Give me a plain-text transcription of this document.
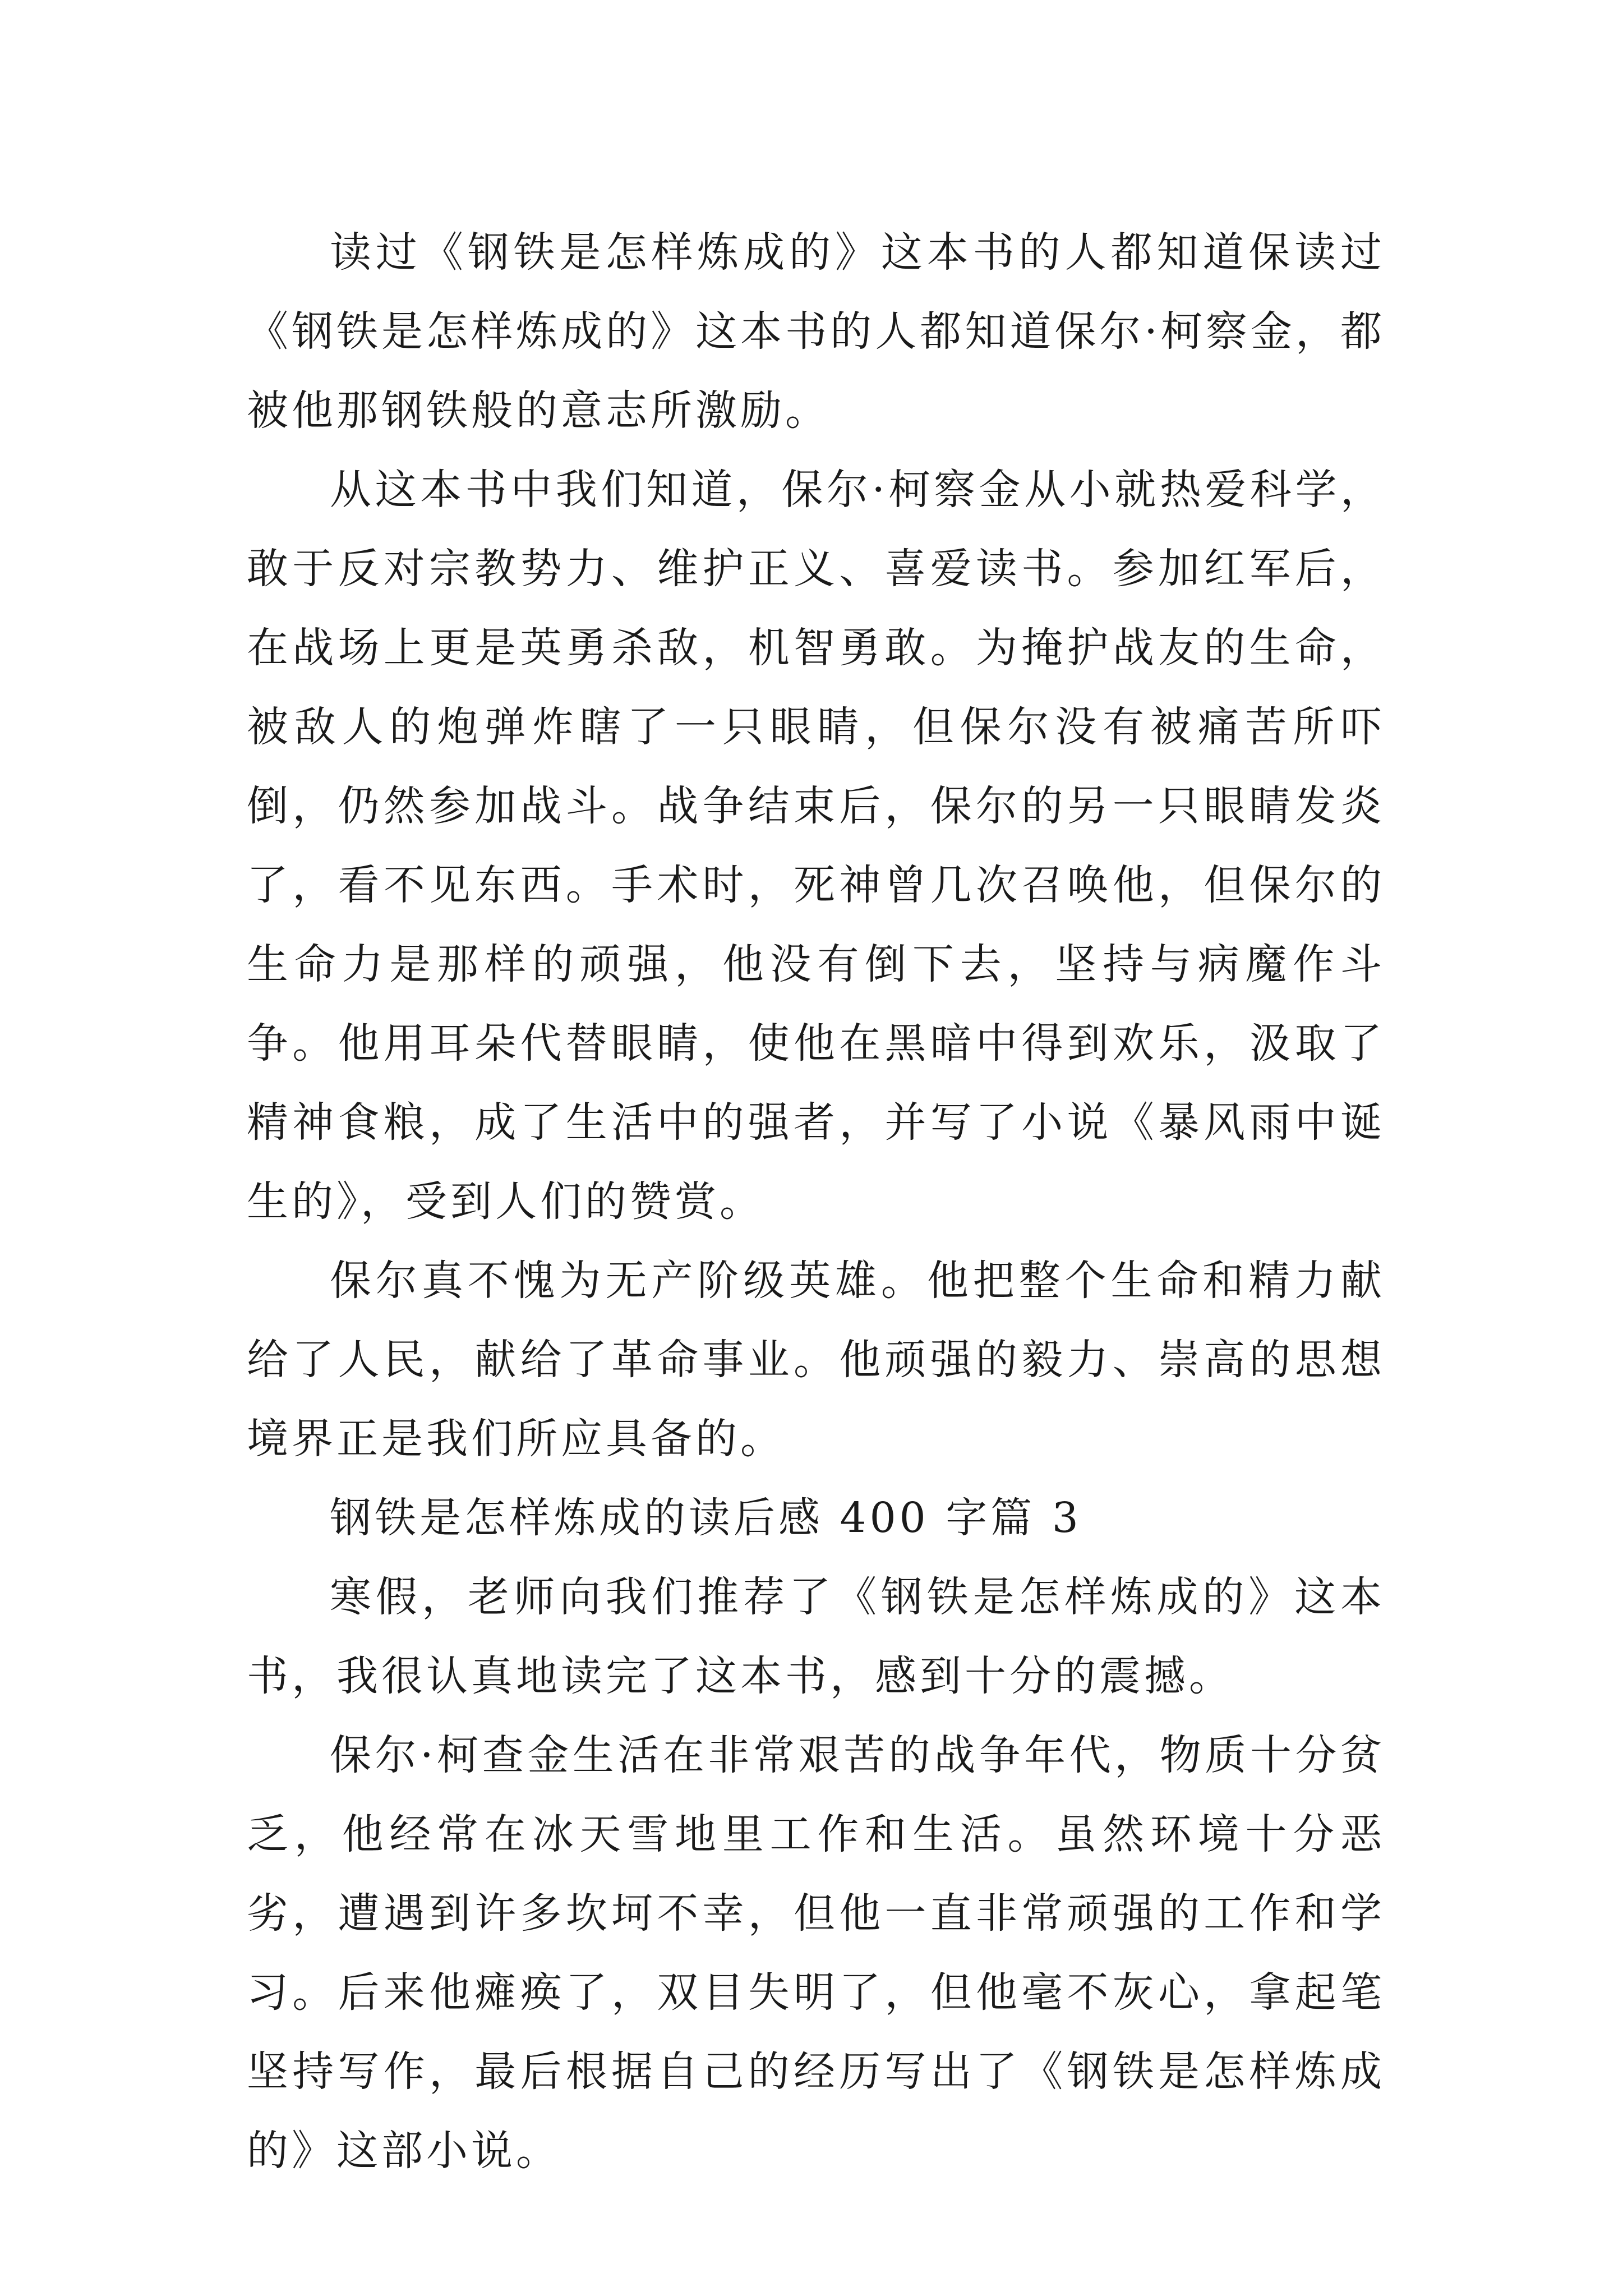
读过《钢铁是怎样炼成的》这本书的人都知道保读过《钢铁是怎样炼成的》这本书的人都知道保尔·柯察金，都被他那钢铁般的意志所激励。

从这本书中我们知道，保尔·柯察金从小就热爱科学，敢于反对宗教势力、维护正义、喜爱读书。参加红军后，在战场上更是英勇杀敌，机智勇敢。为掩护战友的生命，被敌人的炮弹炸瞎了一只眼睛，但保尔没有被痛苦所吓倒，仍然参加战斗。战争结束后，保尔的另一只眼睛发炎了，看不见东西。手术时，死神曾几次召唤他，但保尔的生命力是那样的顽强，他没有倒下去，坚持与病魔作斗争。他用耳朵代替眼睛，使他在黑暗中得到欢乐，汲取了精神食粮，成了生活中的强者，并写了小说《暴风雨中诞生的》，受到人们的赞赏。

保尔真不愧为无产阶级英雄。他把整个生命和精力献给了人民，献给了革命事业。他顽强的毅力、崇高的思想境界正是我们所应具备的。

钢铁是怎样炼成的读后感 400 字篇 3

寒假，老师向我们推荐了《钢铁是怎样炼成的》这本书，我很认真地读完了这本书，感到十分的震撼。

保尔·柯查金生活在非常艰苦的战争年代，物质十分贫乏，他经常在冰天雪地里工作和生活。虽然环境十分恶劣，遭遇到许多坎坷不幸，但他一直非常顽强的工作和学习。后来他瘫痪了，双目失明了，但他毫不灰心，拿起笔坚持写作，最后根据自己的经历写出了《钢铁是怎样炼成的》这部小说。
